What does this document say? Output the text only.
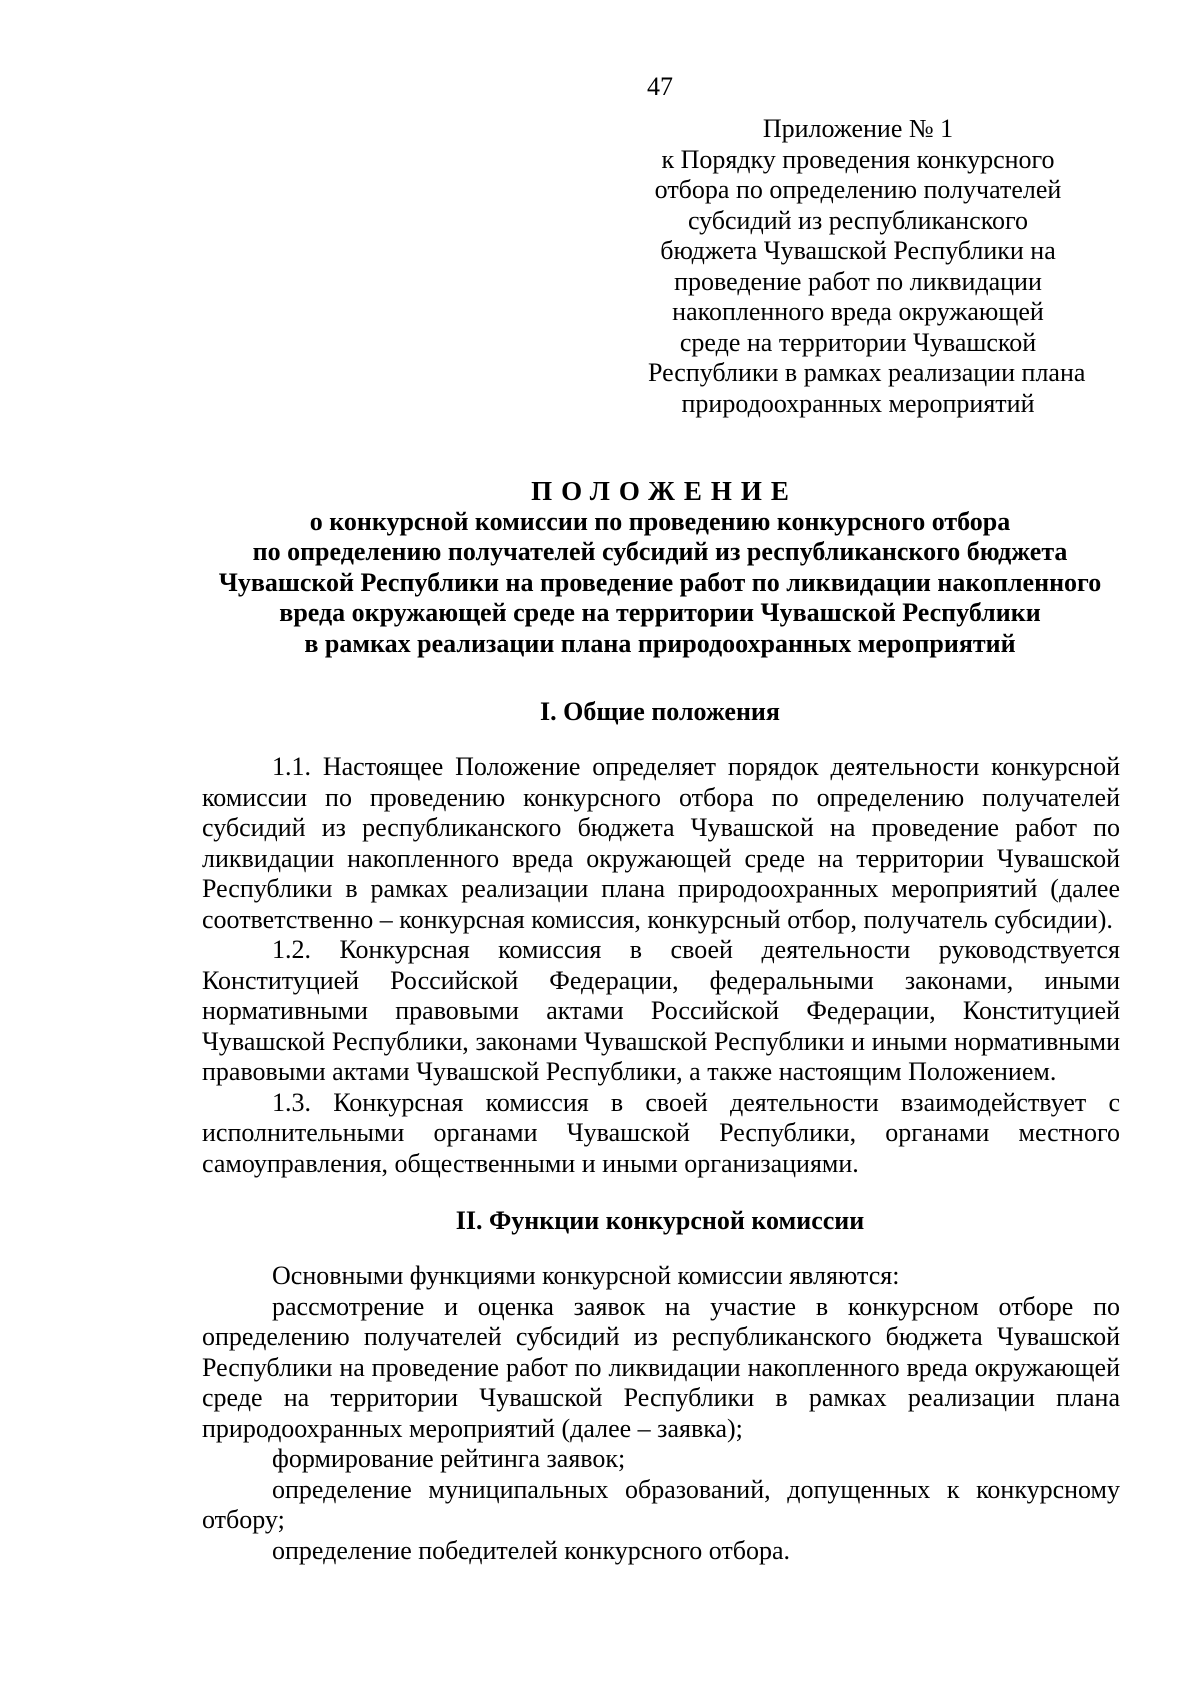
47
Приложение № 1
к Порядку проведения конкурсного
отбора по определению получателей
субсидий из республиканского
бюджета Чувашской Республики на
проведение работ по ликвидации
накопленного вреда окружающей
среде на территории Чувашской
Республики в рамках реализации плана
природоохранных мероприятий
ПОЛОЖЕНИЕ
о конкурсной комиссии по проведению конкурсного отбора
по определению получателей субсидий из республиканского бюджета
Чувашской Республики на проведение работ по ликвидации накопленного
вреда окружающей среде на территории Чувашской Республики
в рамках реализации плана природоохранных мероприятий
I. Общие положения

1.1. Настоящее Положение определяет порядок деятельности конкурсной комиссии по проведению конкурсного отбора по определению получателей субсидий из республиканского бюджета Чувашской на проведение работ по ликвидации накопленного вреда окружающей среде на территории Чувашской Республики в рамках реализации плана природоохранных мероприятий (далее соответственно – конкурсная комиссия, конкурсный отбор, получатель субсидии).

1.2. Конкурсная комиссия в своей деятельности руководствуется Конституцией Российской Федерации, федеральными законами, иными нормативными правовыми актами Российской Федерации, Конституцией Чувашской Республики, законами Чувашской Республики и иными нормативными правовыми актами Чувашской Республики, а также настоящим Положением.

1.3. Конкурсная комиссия в своей деятельности взаимодействует с исполнительными органами Чувашской Республики, органами местного самоуправления, общественными и иными организациями.

II. Функции конкурсной комиссии

Основными функциями конкурсной комиссии являются:

рассмотрение и оценка заявок на участие в конкурсном отборе по определению получателей субсидий из республиканского бюджета Чувашской Республики на проведение работ по ликвидации накопленного вреда окружающей среде на территории Чувашской Республики в рамках реализации плана природоохранных мероприятий (далее – заявка);

формирование рейтинга заявок;

определение муниципальных образований, допущенных к конкурсному отбору;

определение победителей конкурсного отбора.
